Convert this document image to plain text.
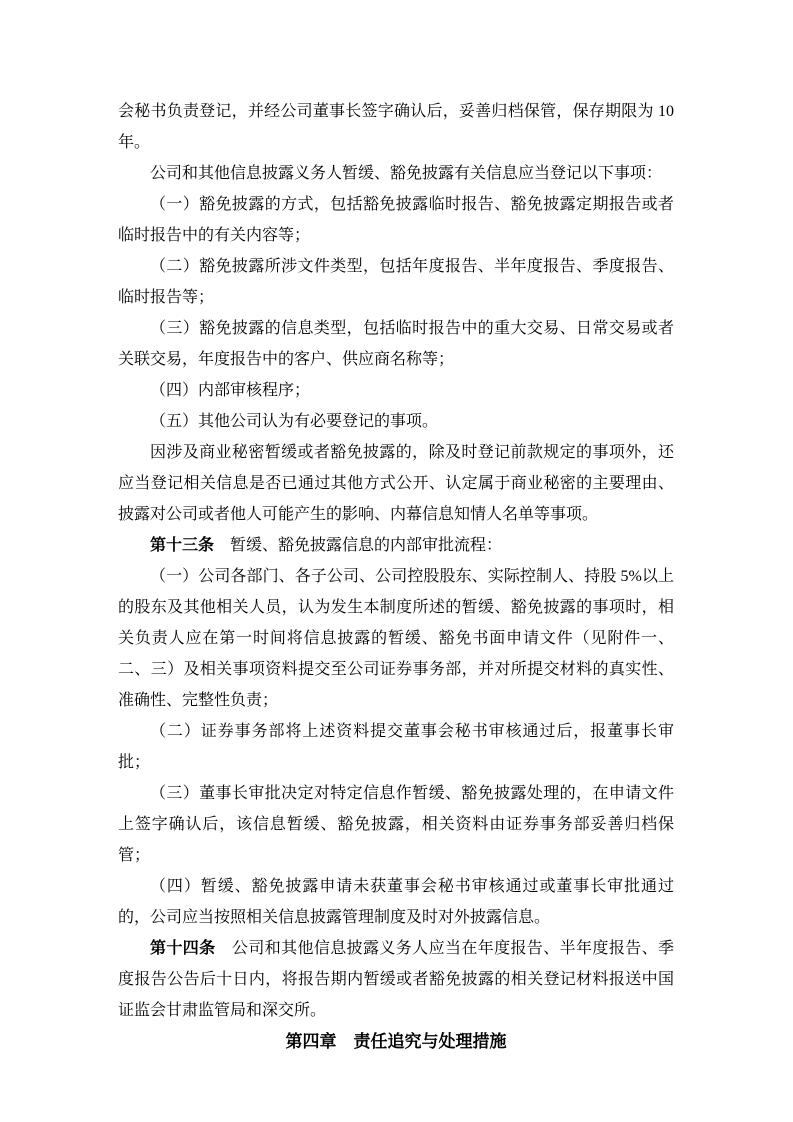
会秘书负责登记，并经公司董事长签字确认后，妥善归档保管，保存期限为 10年。

公司和其他信息披露义务人暂缓、豁免披露有关信息应当登记以下事项：

（一）豁免披露的方式，包括豁免披露临时报告、豁免披露定期报告或者临时报告中的有关内容等；

（二）豁免披露所涉文件类型，包括年度报告、半年度报告、季度报告、临时报告等；

（三）豁免披露的信息类型，包括临时报告中的重大交易、日常交易或者关联交易，年度报告中的客户、供应商名称等；

（四）内部审核程序；

（五）其他公司认为有必要登记的事项。

因涉及商业秘密暂缓或者豁免披露的，除及时登记前款规定的事项外，还应当登记相关信息是否已通过其他方式公开、认定属于商业秘密的主要理由、披露对公司或者他人可能产生的影响、内幕信息知情人名单等事项。

第十三条　暂缓、豁免披露信息的内部审批流程：

（一）公司各部门、各子公司、公司控股股东、实际控制人、持股 5%以上的股东及其他相关人员，认为发生本制度所述的暂缓、豁免披露的事项时，相关负责人应在第一时间将信息披露的暂缓、豁免书面申请文件（见附件一、二、三）及相关事项资料提交至公司证券事务部，并对所提交材料的真实性、准确性、完整性负责；

（二）证券事务部将上述资料提交董事会秘书审核通过后，报董事长审批；

（三）董事长审批决定对特定信息作暂缓、豁免披露处理的，在申请文件上签字确认后，该信息暂缓、豁免披露，相关资料由证券事务部妥善归档保管；

（四）暂缓、豁免披露申请未获董事会秘书审核通过或董事长审批通过的，公司应当按照相关信息披露管理制度及时对外披露信息。

第十四条　公司和其他信息披露义务人应当在年度报告、半年度报告、季度报告公告后十日内，将报告期内暂缓或者豁免披露的相关登记材料报送中国证监会甘肃监管局和深交所。

第四章　责任追究与处理措施
